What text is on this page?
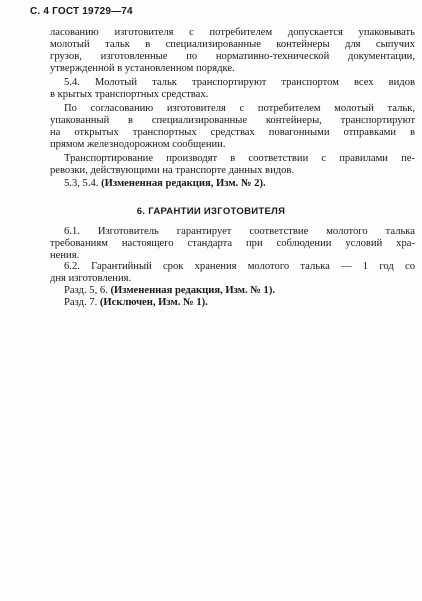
С. 4 ГОСТ 19729—74
ласованию изготовителя с потребителем допускается упаковывать
молотый тальк в специализированные контейнеры для сыпучих
грузов, изготовленные по нормативно-технической документации,
утвержденной в установленном порядке.
5.4. Молотый тальк транспортируют транспортом всех видов
в крытых транспортных средствах.
По согласованию изготовителя с потребителем молотый тальк,
упакованный в специализированные контейнеры, транспортируют
на открытых транспортных средствах повагонными отправками в
прямом железнодорожном сообщении.
Транспортирование производят в соответствии с правилами пе-
ревозки, действующими на транспорте данных видов.
5.3, 5.4. (Измененная редакция, Изм. № 2).
6. ГАРАНТИИ ИЗГОТОВИТЕЛЯ
6.1. Изготовитель гарантирует соответствие молотого талька
требованиям настоящего стандарта при соблюдении условий хра-
нения.
6.2. Гарантийный срок хранения молотого талька — 1 год со
дня изготовления.
Разд. 5, 6. (Измененная редакция, Изм. № 1).
Разд. 7. (Исключен, Изм. № 1).
